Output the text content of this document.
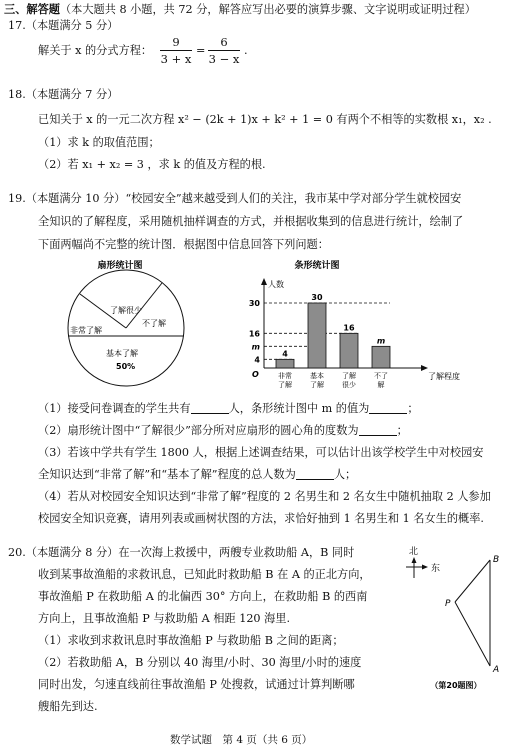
三、解答题（本大题共 8 小题，共 72 分，解答应写出必要的演算步骤、文字说明或证明过程）
17.（本题满分 5 分）
解关于 x 的分式方程：
9
3 + x
=
6
3 − x
.
18.（本题满分 7 分）
已知关于 x 的一元二次方程 x² − (2k + 1)x + k² + 1 = 0 有两个不相等的实数根 x₁，x₂ .
（1）求 k 的取值范围；
（2）若 x₁ + x₂ = 3 ，求 k 的值及方程的根.
19.（本题满分 10 分）“校园安全”越来越受到人们的关注，我市某中学对部分学生就校园安
全知识的了解程度，采用随机抽样调查的方式，并根据收集到的信息进行统计，绘制了
下面两幅尚不完整的统计图．根据图中信息回答下列问题：
扇形统计图
了解很少
不了解
非常了解
基本了解
50%
条形统计图
人数
了解程度
O
4
m
16
30
4
非常
了解
30
基本
了解
16
了解
很少
m
不了
解
（1）接受问卷调查的学生共有	人，条形统计图中 m 的值为	；
（2）扇形统计图中“了解很少”部分所对应扇形的圆心角的度数为	；
（3）若该中学共有学生 1800 人，根据上述调查结果，可以估计出该学校学生中对校园安
全知识达到“非常了解”和“基本了解”程度的总人数为	人；
（4）若从对校园安全知识达到“非常了解”程度的 2 名男生和 2 名女生中随机抽取 2 人参加
校园安全知识竞赛，请用列表或画树状图的方法，求恰好抽到 1 名男生和 1 名女生的概率.
20.（本题满分 8 分）在一次海上救援中，两艘专业救助船 A，B 同时
收到某事故渔船的求救讯息，已知此时救助船 B 在 A 的正北方向，
事故渔船 P 在救助船 A 的北偏西 30° 方向上，在救助船 B 的西南
方向上，且事故渔船 P 与救助船 A 相距 120 海里.
（1）求收到求救讯息时事故渔船 P 与救助船 B 之间的距离；
（2）若救助船 A，B 分别以 40 海里/小时、30 海里/小时的速度
同时出发，匀速直线前往事故渔船 P 处搜救，试通过计算判断哪
艘船先到达.
北
东
B
P
A
（第20题图）
数学试题　第 4 页（共 6 页）
